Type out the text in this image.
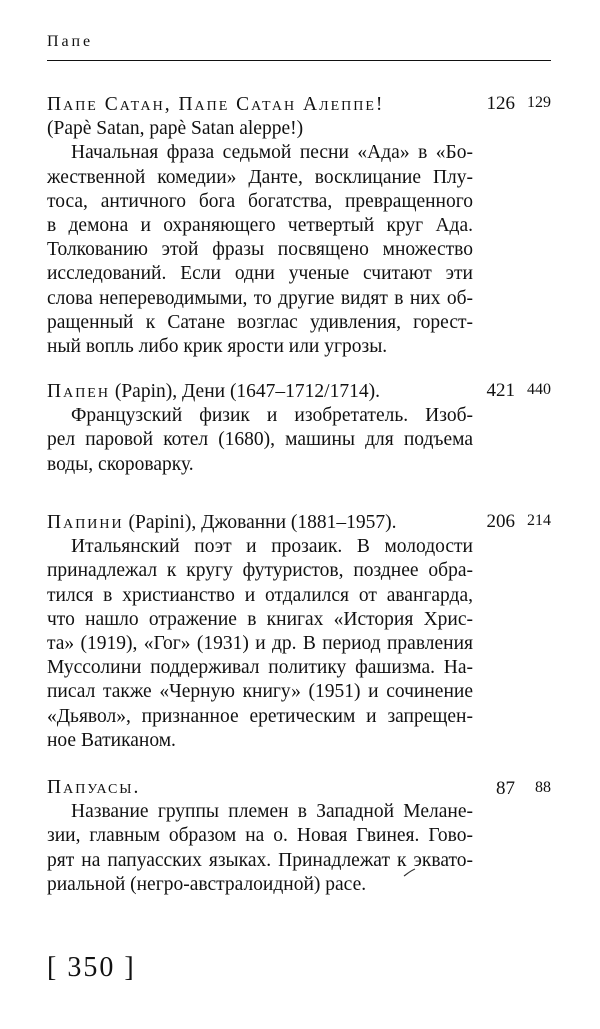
Папе
Папе Сатан, Папе Сатан Алеппе!
(Papè Satan, papè Satan aleppe!)
Начальная фраза седьмой песни «Ада» в «Бо-
жественной комедии» Данте, восклицание Плу-
тоса, античного бога богатства, превращенного
в демона и охраняющего четвертый круг Ада.
Толкованию этой фразы посвящено множество
исследований. Если одни ученые считают эти
слова непереводимыми, то другие видят в них об-
ращенный к Сатане возглас удивления, горест-
ный вопль либо крик ярости или угрозы.
126 129
Папен (Papin), Дени (1647–1712/1714).
Французский физик и изобретатель. Изоб-
рел паровой котел (1680), машины для подъема
воды, скороварку.
421 440
Папини (Papini), Джованни (1881–1957).
Итальянский поэт и прозаик. В молодости
принадлежал к кругу футуристов, позднее обра-
тился в христианство и отдалился от авангарда,
что нашло отражение в книгах «История Хрис-
та» (1919), «Гог» (1931) и др. В период правления
Муссолини поддерживал политику фашизма. На-
писал также «Черную книгу» (1951) и сочинение
«Дьявол», признанное еретическим и запрещен-
ное Ватиканом.
206 214
Папуасы.
Название группы племен в Западной Мелане-
зии, главным образом на о. Новая Гвинея. Гово-
рят на папуасских языках. Принадлежат к эквато-
риальной (негро-австралоидной) расе.
87 88
[ 350 ]
